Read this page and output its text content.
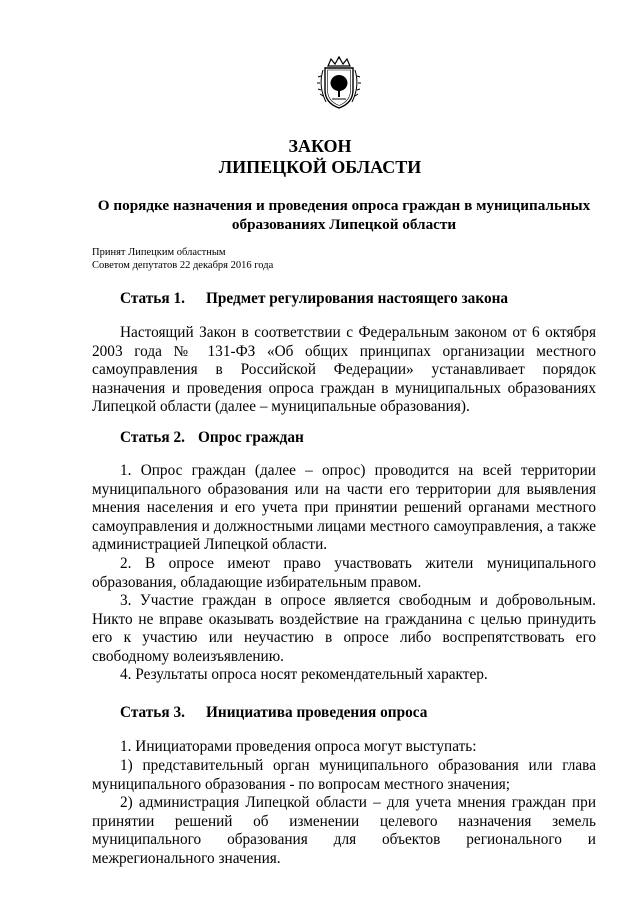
ЗАКОН
ЛИПЕЦКОЙ ОБЛАСТИ
О порядке назначения и проведения опроса граждан в муниципальных
образованиях Липецкой области
Принят Липецким областным
Советом депутатов 22 декабря 2016 года
Статья 1. Предмет регулирования настоящего закона

Настоящий Закон в соответствии с Федеральным законом от 6 октября 2003 года № 131-ФЗ «Об общих принципах организации местного самоуправления в Российской Федерации» устанавливает порядок назначения и проведения опроса граждан в муниципальных образованиях Липецкой области (далее – муниципальные образования).

Статья 2. Опрос граждан

1. Опрос граждан (далее – опрос) проводится на всей территории муниципального образования или на части его территории для выявления мнения населения и его учета при принятии решений органами местного самоуправления и должностными лицами местного самоуправления, а также администрацией Липецкой области.

2. В опросе имеют право участвовать жители муниципального образования, обладающие избирательным правом.

3. Участие граждан в опросе является свободным и добровольным. Никто не вправе оказывать воздействие на гражданина с целью принудить его к участию или неучастию в опросе либо воспрепятствовать его свободному волеизъявлению.

4. Результаты опроса носят рекомендательный характер.

Статья 3. Инициатива проведения опроса

1. Инициаторами проведения опроса могут выступать:

1) представительный орган муниципального образования или глава муниципального образования - по вопросам местного значения;

2) администрация Липецкой области – для учета мнения граждан при принятии решений об изменении целевого назначения земель муниципального образования для объектов регионального и межрегионального значения.
